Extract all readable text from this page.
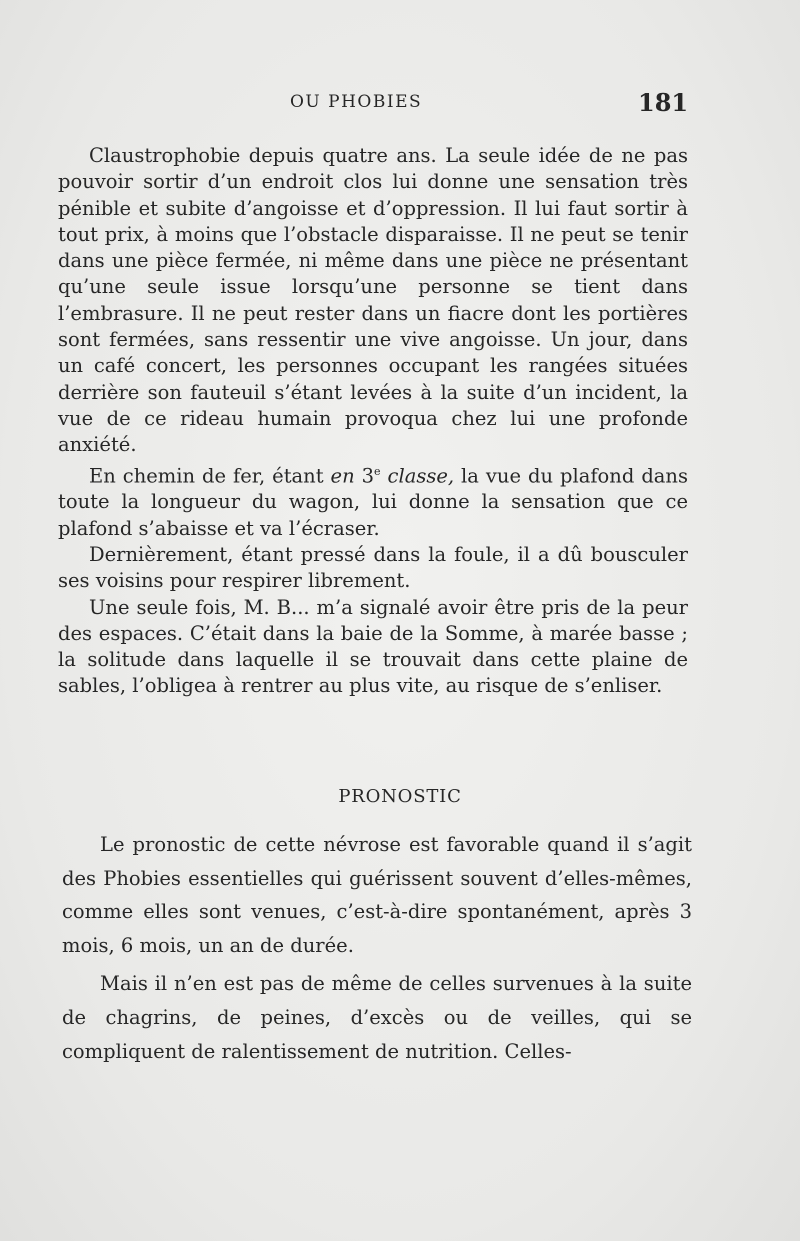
OU PHOBIES	181

Claustrophobie depuis quatre ans. La seule idée de ne pas pouvoir sortir d’un endroit clos lui donne une sensation très pénible et subite d’angoisse et d’oppression. Il lui faut sortir à tout prix, à moins que l’obstacle disparaisse. Il ne peut se tenir dans une pièce fermée, ni même dans une pièce ne présentant qu’une seule issue lorsqu’une personne se tient dans l’embrasure. Il ne peut rester dans un fiacre dont les portières sont fermées, sans ressentir une vive angoisse. Un jour, dans un café concert, les personnes occupant les rangées situées derrière son fauteuil s’étant levées à la suite d’un incident, la vue de ce rideau humain provoqua chez lui une profonde anxiété.

En chemin de fer, étant en 3e classe, la vue du plafond dans toute la longueur du wagon, lui donne la sensation que ce plafond s’abaisse et va l’écraser.

Dernièrement, étant pressé dans la foule, il a dû bousculer ses voisins pour respirer librement.

Une seule fois, M. B... m’a signalé avoir être pris de la peur des espaces. C’était dans la baie de la Somme, à marée basse ; la solitude dans laquelle il se trouvait dans cette plaine de sables, l’obligea à rentrer au plus vite, au risque de s’enliser.

PRONOSTIC

Le pronostic de cette névrose est favorable quand il s’agit des Phobies essentielles qui guérissent souvent d’elles-mêmes, comme elles sont venues, c’est-à-dire spontanément, après 3 mois, 6 mois, un an de durée.

Mais il n’en est pas de même de celles survenues à la suite de chagrins, de peines, d’excès ou de veilles, qui se compliquent de ralentissement de nutrition. Celles-
